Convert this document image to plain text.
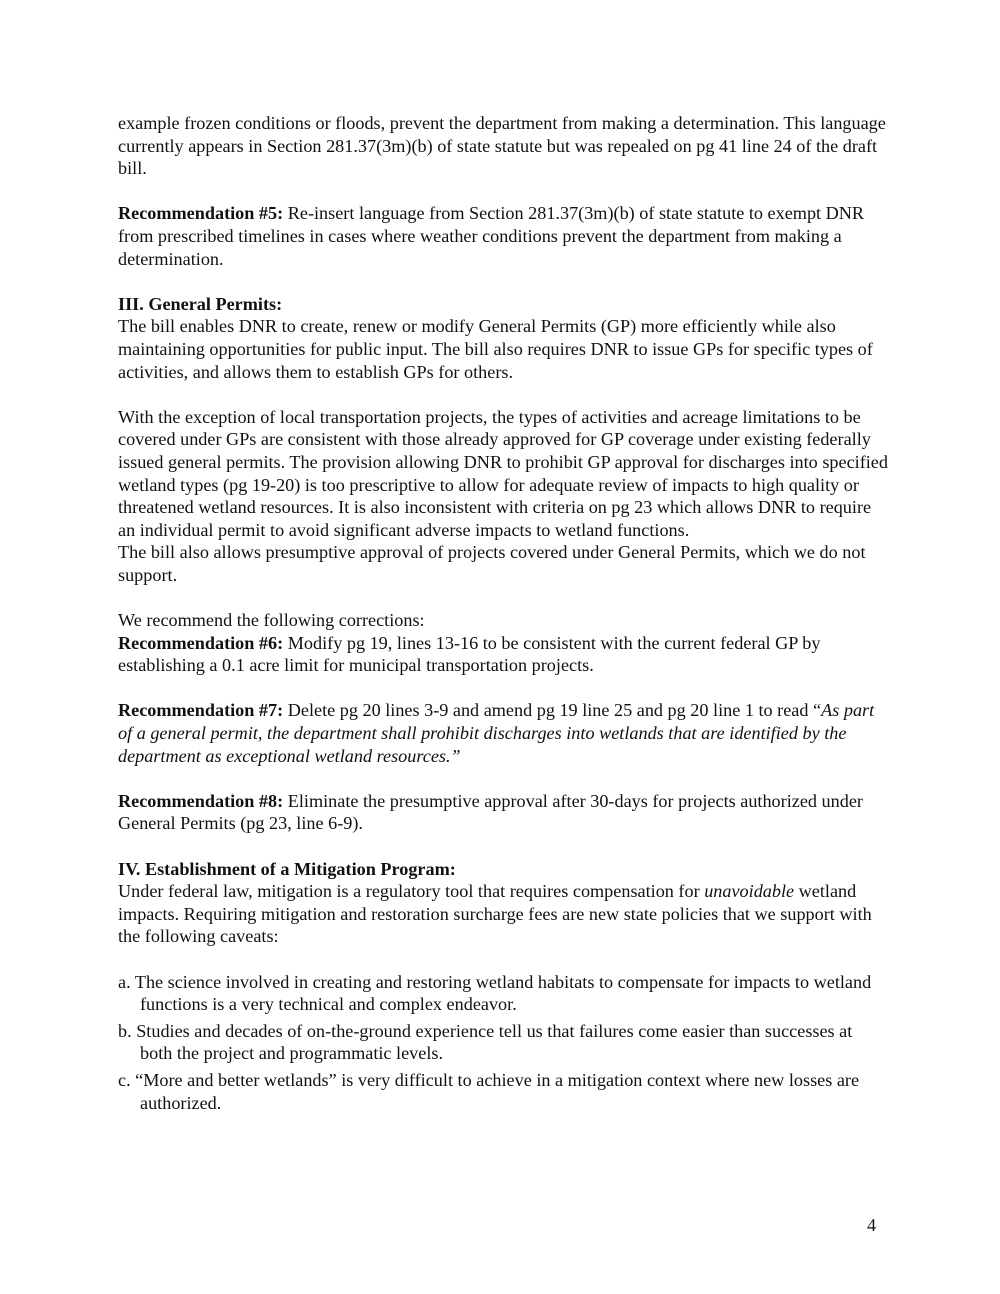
example frozen conditions or floods, prevent the department from making a determination. This language currently appears in Section 281.37(3m)(b) of state statute but was repealed on pg 41 line 24 of the draft bill.

Recommendation #5: Re-insert language from Section 281.37(3m)(b) of state statute to exempt DNR from prescribed timelines in cases where weather conditions prevent the department from making a determination.

III. General Permits:

The bill enables DNR to create, renew or modify General Permits (GP) more efficiently while also maintaining opportunities for public input. The bill also requires DNR to issue GPs for specific types of activities, and allows them to establish GPs for others.

With the exception of local transportation projects, the types of activities and acreage limitations to be covered under GPs are consistent with those already approved for GP coverage under existing federally issued general permits. The provision allowing DNR to prohibit GP approval for discharges into specified wetland types (pg 19-20) is too prescriptive to allow for adequate review of impacts to high quality or threatened wetland resources. It is also inconsistent with criteria on pg 23 which allows DNR to require an individual permit to avoid significant adverse impacts to wetland functions.

The bill also allows presumptive approval of projects covered under General Permits, which we do not support.

We recommend the following corrections:

Recommendation #6: Modify pg 19, lines 13-16 to be consistent with the current federal GP by establishing a 0.1 acre limit for municipal transportation projects.

Recommendation #7: Delete pg 20 lines 3-9 and amend pg 19 line 25 and pg 20 line 1 to read “As part of a general permit, the department shall prohibit discharges into wetlands that are identified by the department as exceptional wetland resources.”

Recommendation #8: Eliminate the presumptive approval after 30-days for projects authorized under General Permits (pg 23, line 6-9).

IV. Establishment of a Mitigation Program:

Under federal law, mitigation is a regulatory tool that requires compensation for unavoidable wetland impacts. Requiring mitigation and restoration surcharge fees are new state policies that we support with the following caveats:

a. The science involved in creating and restoring wetland habitats to compensate for impacts to wetland functions is a very technical and complex endeavor.

b. Studies and decades of on-the-ground experience tell us that failures come easier than successes at both the project and programmatic levels.

c. “More and better wetlands” is very difficult to achieve in a mitigation context where new losses are authorized.

4
